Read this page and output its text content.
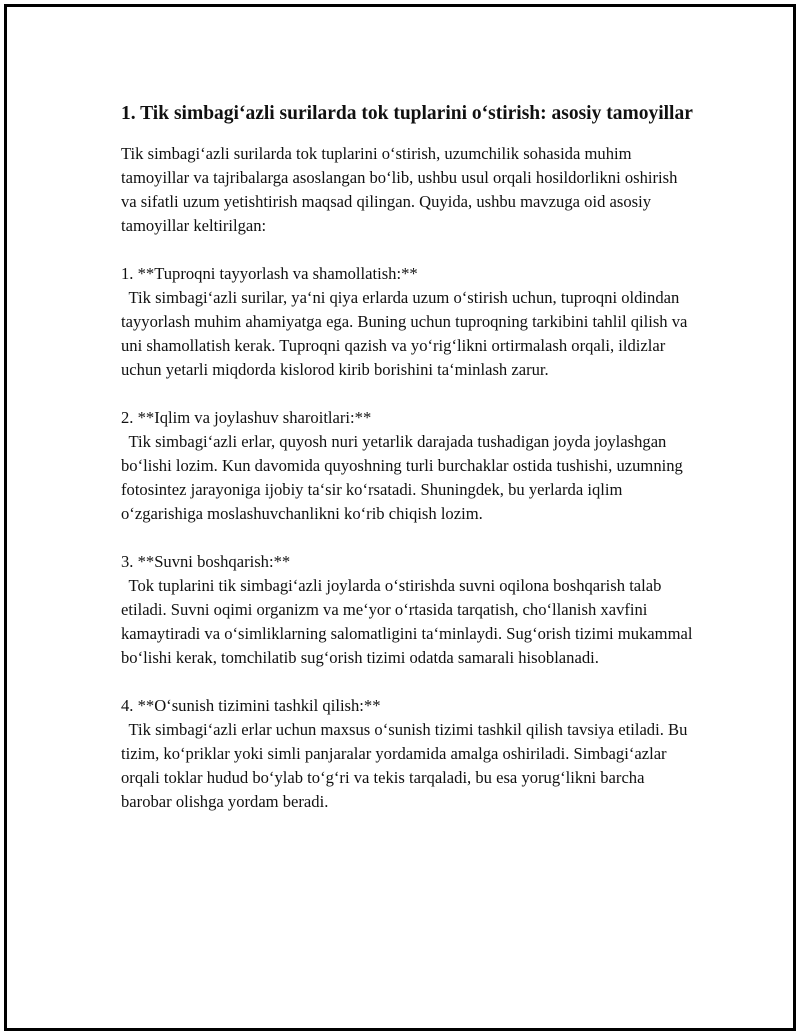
1. Tik simbagi‘azli surilarda tok tuplarini o‘stirish: asosiy tamoyillar

Tik simbagi‘azli surilarda tok tuplarini o‘stirish, uzumchilik sohasida muhim tamoyillar va tajribalarga asoslangan bo‘lib, ushbu usul orqali hosildorlikni oshirish va sifatli uzum yetishtirish maqsad qilingan. Quyida, ushbu mavzuga oid asosiy tamoyillar keltirilgan:

1. **Tuproqni tayyorlash va shamollatish:**

Tik simbagi‘azli surilar, ya‘ni qiya erlarda uzum o‘stirish uchun, tuproqni oldindan tayyorlash muhim ahamiyatga ega. Buning uchun tuproqning tarkibini tahlil qilish va uni shamollatish kerak. Tuproqni qazish va yo‘rig‘likni ortirmalash orqali, ildizlar uchun yetarli miqdorda kislorod kirib borishini ta‘minlash zarur.

2. **Iqlim va joylashuv sharoitlari:**

Tik simbagi‘azli erlar, quyosh nuri yetarlik darajada tushadigan joyda joylashgan bo‘lishi lozim. Kun davomida quyoshning turli burchaklar ostida tushishi, uzumning fotosintez jarayoniga ijobiy ta‘sir ko‘rsatadi. Shuningdek, bu yerlarda iqlim o‘zgarishiga moslashuvchanlikni ko‘rib chiqish lozim.

3. **Suvni boshqarish:**

Tok tuplarini tik simbagi‘azli joylarda o‘stirishda suvni oqilona boshqarish talab etiladi. Suvni oqimi organizm va me‘yor o‘rtasida tarqatish, cho‘llanish xavfini kamaytiradi va o‘simliklarning salomatligini ta‘minlaydi. Sug‘orish tizimi mukammal bo‘lishi kerak, tomchilatib sug‘orish tizimi odatda samarali hisoblanadi.

4. **O‘sunish tizimini tashkil qilish:**

Tik simbagi‘azli erlar uchun maxsus o‘sunish tizimi tashkil qilish tavsiya etiladi. Bu tizim, ko‘priklar yoki simli panjaralar yordamida amalga oshiriladi. Simbagi‘azlar orqali toklar hudud bo‘ylab to‘g‘ri va tekis tarqaladi, bu esa yorug‘likni barcha barobar olishga yordam beradi.
